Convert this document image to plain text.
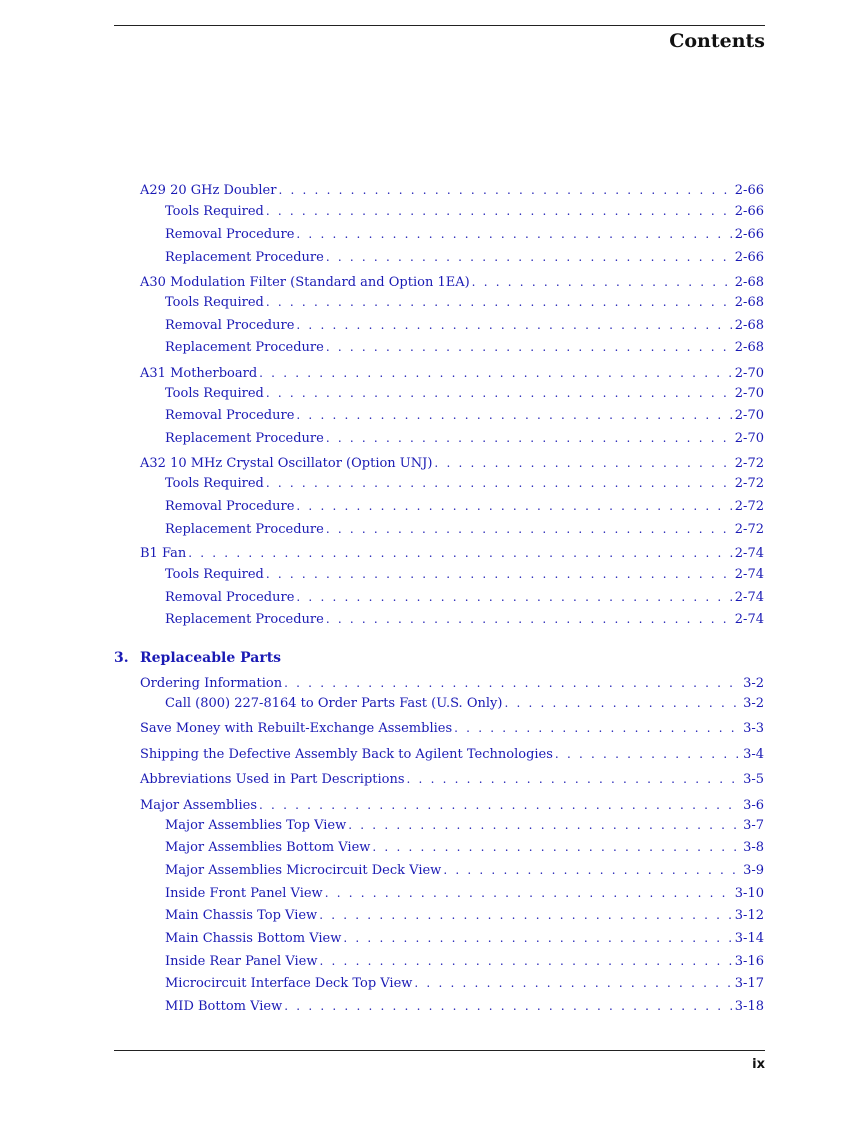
Contents
A29 20 GHz Doubler . . .	2-66
Tools Required . . .	2-66
Removal Procedure . . .	2-66
Replacement Procedure . . .	2-66
A30 Modulation Filter (Standard and Option 1EA) . . .	2-68
Tools Required . . .	2-68
Removal Procedure . . .	2-68
Replacement Procedure . . .	2-68
A31 Motherboard . . .	2-70
Tools Required . . .	2-70
Removal Procedure . . .	2-70
Replacement Procedure . . .	2-70
A32 10 MHz Crystal Oscillator (Option UNJ) . . .	2-72
Tools Required . . .	2-72
Removal Procedure . . .	2-72
Replacement Procedure . . .	2-72
B1 Fan . . .	2-74
Tools Required . . .	2-74
Removal Procedure . . .	2-74
Replacement Procedure . . .	2-74
Ordering Information . . .	3-2
Call (800) 227-8164 to Order Parts Fast (U.S. Only) . . .	3-2
Save Money with Rebuilt-Exchange Assemblies . . .	3-3
Shipping the Defective Assembly Back to Agilent Technologies . . .	3-4
Abbreviations Used in Part Descriptions . . .	3-5
Major Assemblies . . .	3-6
Major Assemblies Top View . . .	3-7
Major Assemblies Bottom View . . .	3-8
Major Assemblies Microcircuit Deck View . . .	3-9
Inside Front Panel View . . .	3-10
Main Chassis Top View . . .	3-12
Main Chassis Bottom View . . .	3-14
Inside Rear Panel View . . .	3-16
Microcircuit Interface Deck Top View . . .	3-17
MID Bottom View . . .	3-18
3. Replaceable Parts
ix
